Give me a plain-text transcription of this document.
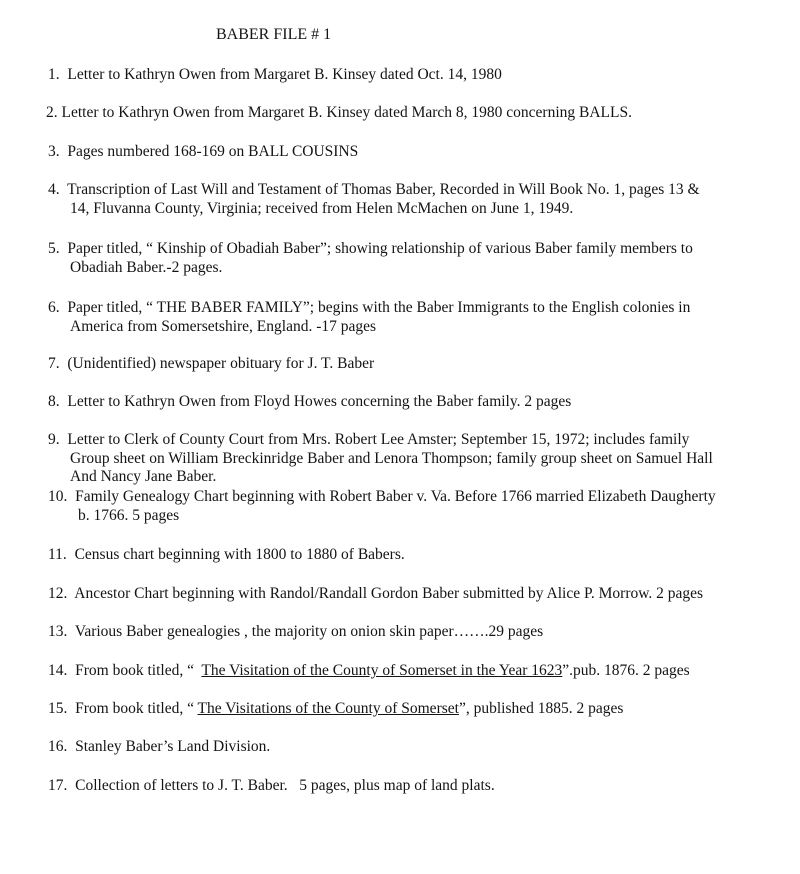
BABER FILE # 1
1. Letter to Kathryn Owen from Margaret B. Kinsey dated Oct. 14, 1980
2. Letter to Kathryn Owen from Margaret B. Kinsey dated March 8, 1980 concerning BALLS.
3. Pages numbered 168-169 on BALL COUSINS
4. Transcription of Last Will and Testament of Thomas Baber, Recorded in Will Book No. 1, pages 13 &
14, Fluvanna County, Virginia; received from Helen McMachen on June 1, 1949.
5. Paper titled, “ Kinship of Obadiah Baber”; showing relationship of various Baber family members to
Obadiah Baber.-2 pages.
6. Paper titled, “ THE BABER FAMILY”; begins with the Baber Immigrants to the English colonies in
America from Somersetshire, England. -17 pages
7. (Unidentified) newspaper obituary for J. T. Baber
8. Letter to Kathryn Owen from Floyd Howes concerning the Baber family. 2 pages
9. Letter to Clerk of County Court from Mrs. Robert Lee Amster; September 15, 1972; includes family
Group sheet on William Breckinridge Baber and Lenora Thompson; family group sheet on Samuel Hall
And Nancy Jane Baber.
10. Family Genealogy Chart beginning with Robert Baber v. Va. Before 1766 married Elizabeth Daugherty
b. 1766. 5 pages
11. Census chart beginning with 1800 to 1880 of Babers.
12. Ancestor Chart beginning with Randol/Randall Gordon Baber submitted by Alice P. Morrow. 2 pages
13. Various Baber genealogies , the majority on onion skin paper…….29 pages
14. From book titled, “  The Visitation of the County of Somerset in the Year 1623”.pub. 1876. 2 pages
15. From book titled, “ The Visitations of the County of Somerset”, published 1885. 2 pages
16. Stanley Baber’s Land Division.
17. Collection of letters to J. T. Baber.   5 pages, plus map of land plats.
